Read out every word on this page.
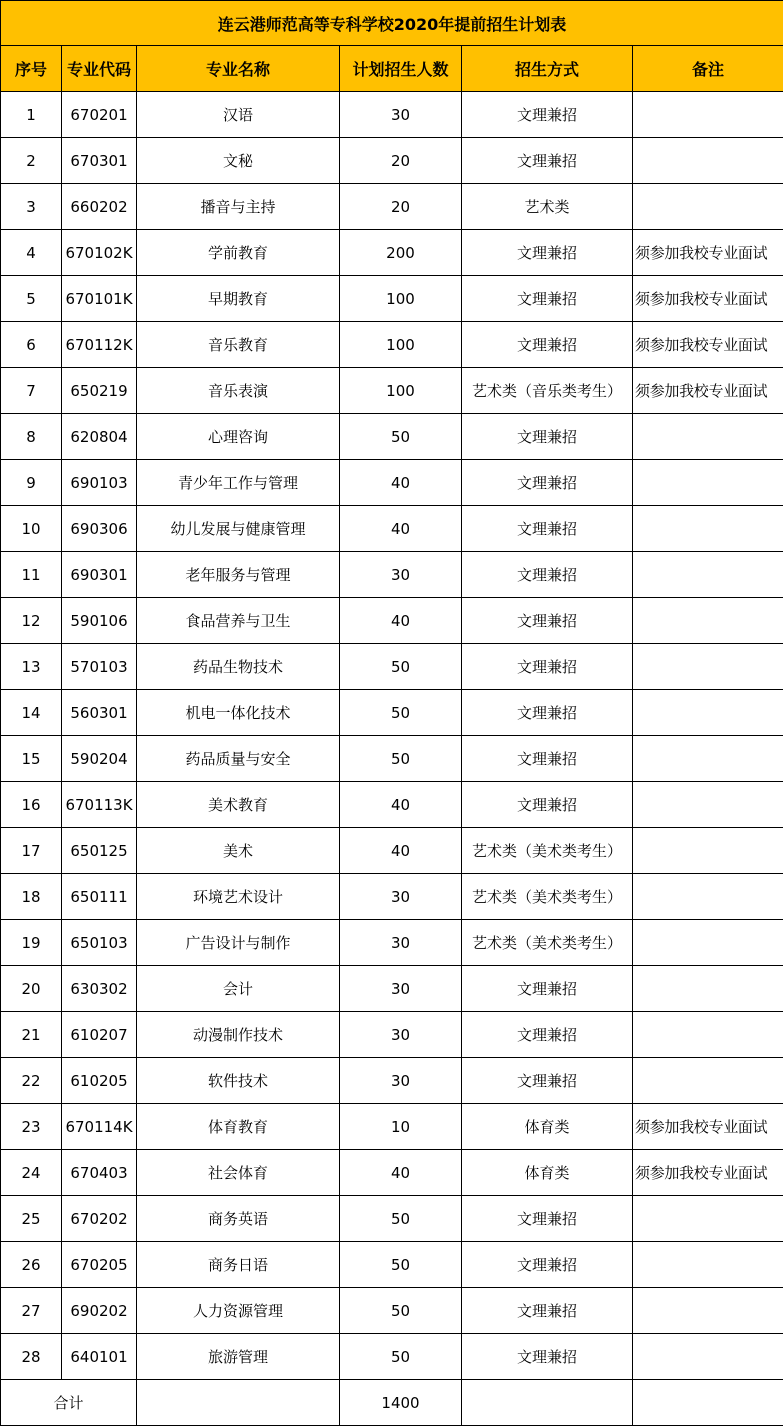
连云港师范高等专科学校2020年提前招生计划表					
序号	专业代码	专业名称	计划招生人数	招生方式	备注
1	670201	汉语	30	文理兼招	
2	670301	文秘	20	文理兼招	
3	660202	播音与主持	20	艺术类	
4	670102K	学前教育	200	文理兼招	须参加我校专业面试
5	670101K	早期教育	100	文理兼招	须参加我校专业面试
6	670112K	音乐教育	100	文理兼招	须参加我校专业面试
7	650219	音乐表演	100	艺术类（音乐类考生）	须参加我校专业面试
8	620804	心理咨询	50	文理兼招	
9	690103	青少年工作与管理	40	文理兼招	
10	690306	幼儿发展与健康管理	40	文理兼招	
11	690301	老年服务与管理	30	文理兼招	
12	590106	食品营养与卫生	40	文理兼招	
13	570103	药品生物技术	50	文理兼招	
14	560301	机电一体化技术	50	文理兼招	
15	590204	药品质量与安全	50	文理兼招	
16	670113K	美术教育	40	文理兼招	
17	650125	美术	40	艺术类（美术类考生）	
18	650111	环境艺术设计	30	艺术类（美术类考生）	
19	650103	广告设计与制作	30	艺术类（美术类考生）	
20	630302	会计	30	文理兼招	
21	610207	动漫制作技术	30	文理兼招	
22	610205	软件技术	30	文理兼招	
23	670114K	体育教育	10	体育类	须参加我校专业面试
24	670403	社会体育	40	体育类	须参加我校专业面试
25	670202	商务英语	50	文理兼招	
26	670205	商务日语	50	文理兼招	
27	690202	人力资源管理	50	文理兼招	
28	640101	旅游管理	50	文理兼招	
合计			1400		
